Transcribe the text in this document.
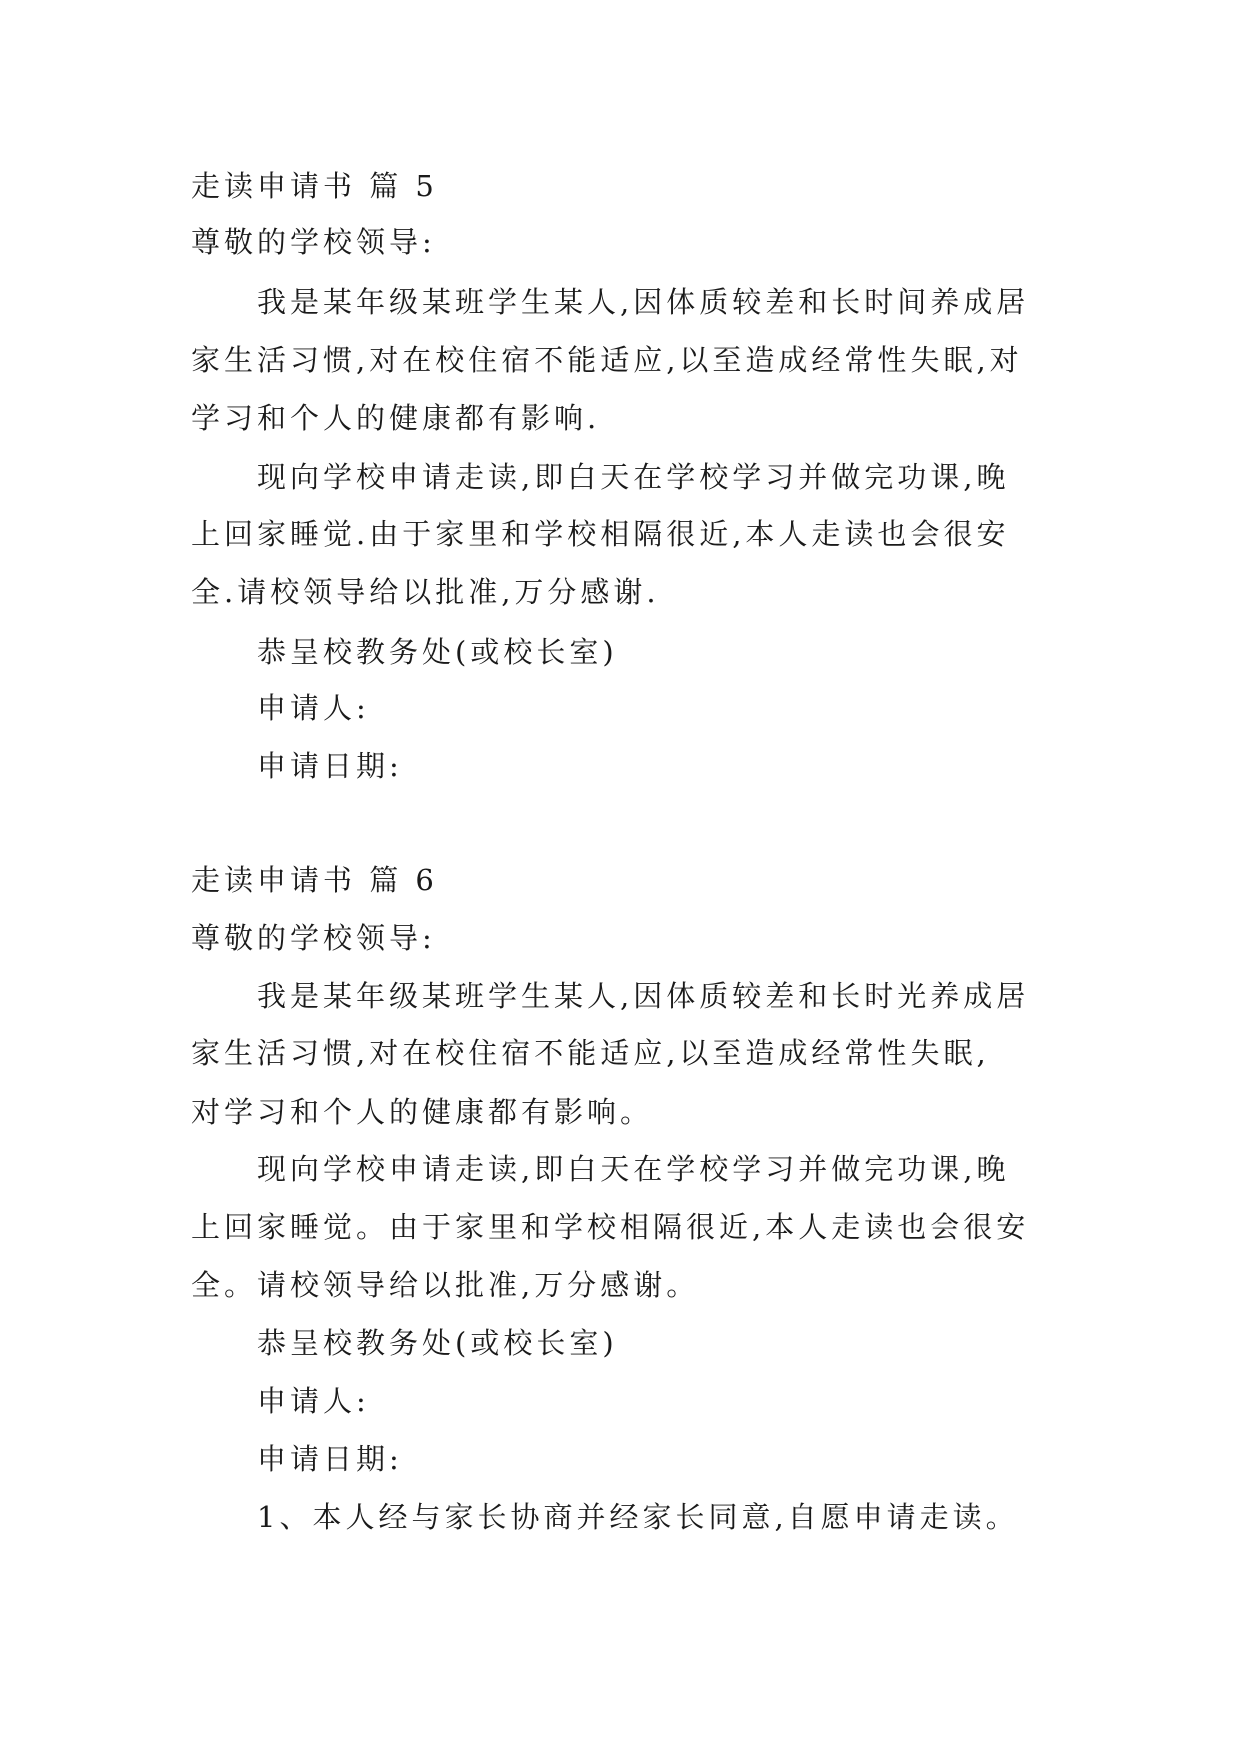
走读申请书 篇 5
尊敬的学校领导:
我是某年级某班学生某人,因体质较差和长时间养成居
家生活习惯,对在校住宿不能适应,以至造成经常性失眠,对
学习和个人的健康都有影响.
现向学校申请走读,即白天在学校学习并做完功课,晚
上回家睡觉.由于家里和学校相隔很近,本人走读也会很安
全.请校领导给以批准,万分感谢.
恭呈校教务处(或校长室)
申请人:
申请日期:
走读申请书 篇 6
尊敬的学校领导:
我是某年级某班学生某人,因体质较差和长时光养成居
家生活习惯,对在校住宿不能适应,以至造成经常性失眠,
对学习和个人的健康都有影响。
现向学校申请走读,即白天在学校学习并做完功课,晚
上回家睡觉。由于家里和学校相隔很近,本人走读也会很安
全。请校领导给以批准,万分感谢。
恭呈校教务处(或校长室)
申请人:
申请日期:
1、本人经与家长协商并经家长同意,自愿申请走读。
